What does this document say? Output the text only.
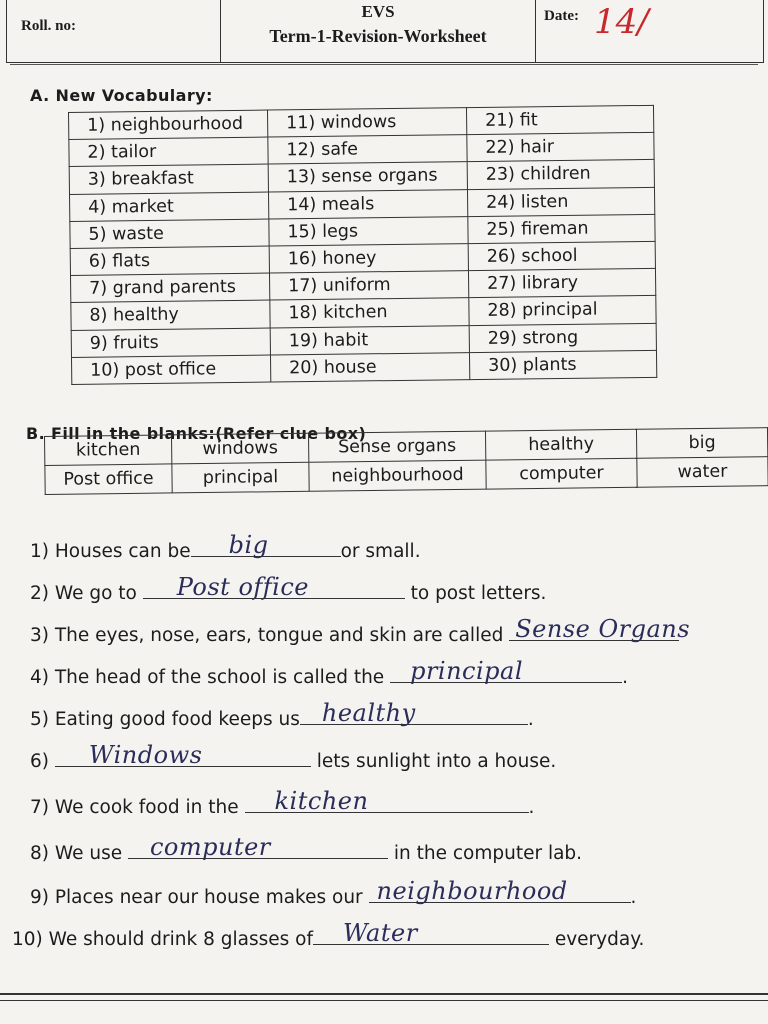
Roll. no:
EVS
Term-1-Revision-Worksheet
Date: 14/
A. New Vocabulary:
1) neighbourhood	11) windows	21) fit
2) tailor	12) safe	22) hair
3) breakfast	13) sense organs	23) children
4) market	14) meals	24) listen
5) waste	15) legs	25) fireman
6) flats	16) honey	26) school
7) grand parents	17) uniform	27) library
8) healthy	18) kitchen	28) principal
9) fruits	19) habit	29) strong
10) post office	20) house	30) plants
B. Fill in the blanks:(Refer clue box)
kitchen	windows	Sense organs	healthy	big
Post office	principal	neighbourhood	computer	water
1) Houses can be big	or small.
2) We go to Post office	to post letters.
3) The eyes, nose, ears, tongue and skin are called Sense Organs
4) The head of the school is called the principal	.
5) Eating good food keeps us healthy	.
6) Windows	lets sunlight into a house.
7) We cook food in the kitchen	.
8) We use computer	in the computer lab.
9) Places near our house makes our neighbourhood	.
10) We should drink 8 glasses of Water	everyday.
